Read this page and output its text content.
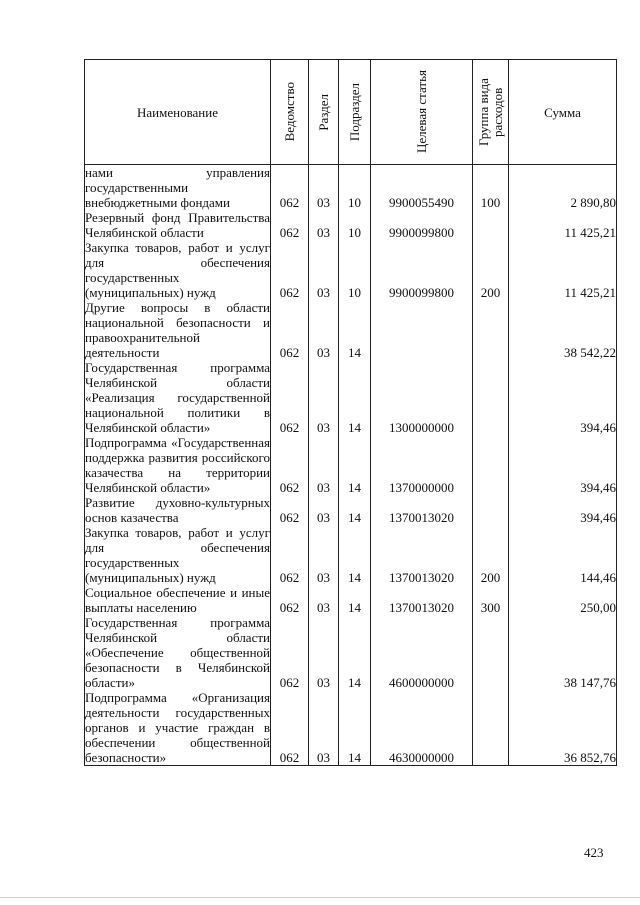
Наименование	Ведомство	Раздел	Подраздел	Целевая статья	Группа вида расходов	Сумма
нами управления государственными внебюджетными фондами	062	03	10	9900055490	100	2 890,80
Резервный фонд Правительства Челябинской области	062	03	10	9900099800		11 425,21
Закупка товаров, работ и услуг для обеспечения государственных (муниципальных) нужд	062	03	10	9900099800	200	11 425,21
Другие вопросы в области национальной безопасности и правоохранительной деятельности	062	03	14			38 542,22
Государственная программа Челябинской области «Реализация государственной национальной политики в Челябинской области»	062	03	14	1300000000		394,46
Подпрограмма «Государственная поддержка развития российского казачества на территории Челябинской области»	062	03	14	1370000000		394,46
Развитие духовно-культурных основ казачества	062	03	14	1370013020		394,46
Закупка товаров, работ и услуг для обеспечения государственных (муниципальных) нужд	062	03	14	1370013020	200	144,46
Социальное обеспечение и иные выплаты населению	062	03	14	1370013020	300	250,00
Государственная программа Челябинской области «Обеспечение общественной безопасности в Челябинской области»	062	03	14	4600000000		38 147,76
Подпрограмма «Организация деятельности государственных органов и участие граждан в обеспечении общественной безопасности»	062	03	14	4630000000		36 852,76
423
